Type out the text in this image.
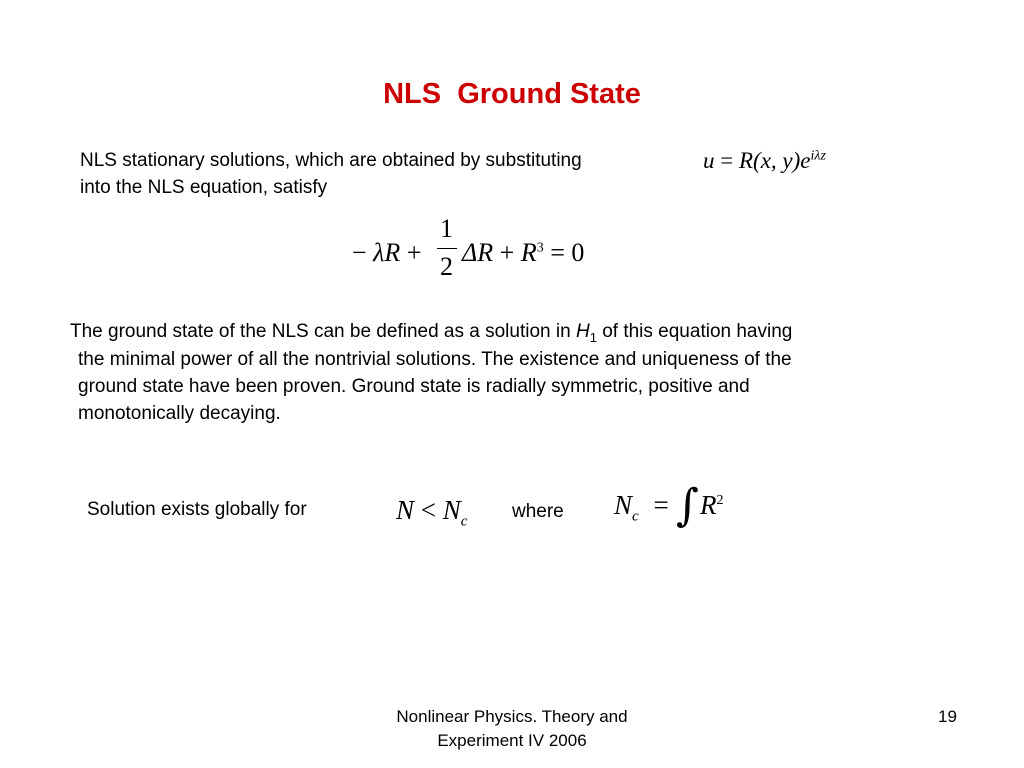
NLS  Ground State
NLS stationary solutions, which are obtained by substituting
into the NLS equation, satisfy
u = R(x, $y)e^{i\lambda z}$
− λR +
1
2 $\Delta R + R^3 = 0$
The ground state of the NLS can be defined as a solution in $H_1$ of this equation having
the minimal power of all the nontrivial solutions. The existence and uniqueness of the
ground state have been proven. Ground state is radially symmetric, positive and
monotonically decaying.
Solution exists globally for	$N < N_c$ where $N_c$ = ∫ $R^2$
Nonlinear Physics. Theory and
Experiment IV 2006
19
